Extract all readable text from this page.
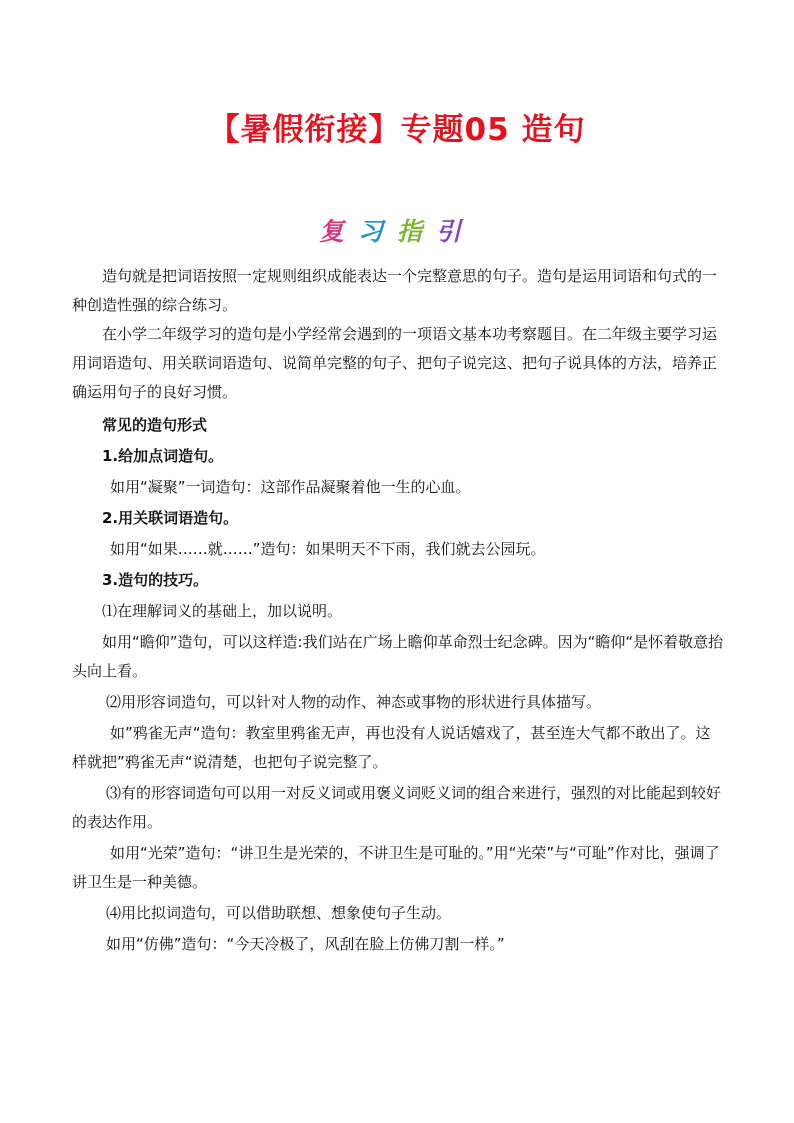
【暑假衔接】专题05 造句
复习指引

造句就是把词语按照一定规则组织成能表达一个完整意思的句子。造句是运用词语和句式的一种创造性强的综合练习。

在小学二年级学习的造句是小学经常会遇到的一项语文基本功考察题目。在二年级主要学习运用词语造句、用关联词语造句、说简单完整的句子、把句子说完这、把句子说具体的方法，培养正确运用句子的良好习惯。

常见的造句形式

1.给加点词造句。

如用“凝聚”一词造句：这部作品凝聚着他一生的心血。

2.用关联词语造句。

如用“如果……就……”造句：如果明天不下雨，我们就去公园玩。

3.造句的技巧。

⑴在理解词义的基础上，加以说明。

如用“瞻仰”造句，可以这样造:我们站在广场上瞻仰革命烈士纪念碑。因为“瞻仰“是怀着敬意抬头向上看。

⑵用形容词造句，可以针对人物的动作、神态或事物的形状进行具体描写。

如”鸦雀无声“造句：教室里鸦雀无声，再也没有人说话嬉戏了，甚至连大气都不敢出了。这样就把”鸦雀无声“说清楚，也把句子说完整了。

⑶有的形容词造句可以用一对反义词或用褒义词贬义词的组合来进行，强烈的对比能起到较好的表达作用。

如用“光荣”造句：“讲卫生是光荣的，不讲卫生是可耻的。”用“光荣”与“可耻”作对比，强调了讲卫生是一种美德。

⑷用比拟词造句，可以借助联想、想象使句子生动。

如用“仿佛”造句：“今天冷极了，风刮在脸上仿佛刀割一样。”
